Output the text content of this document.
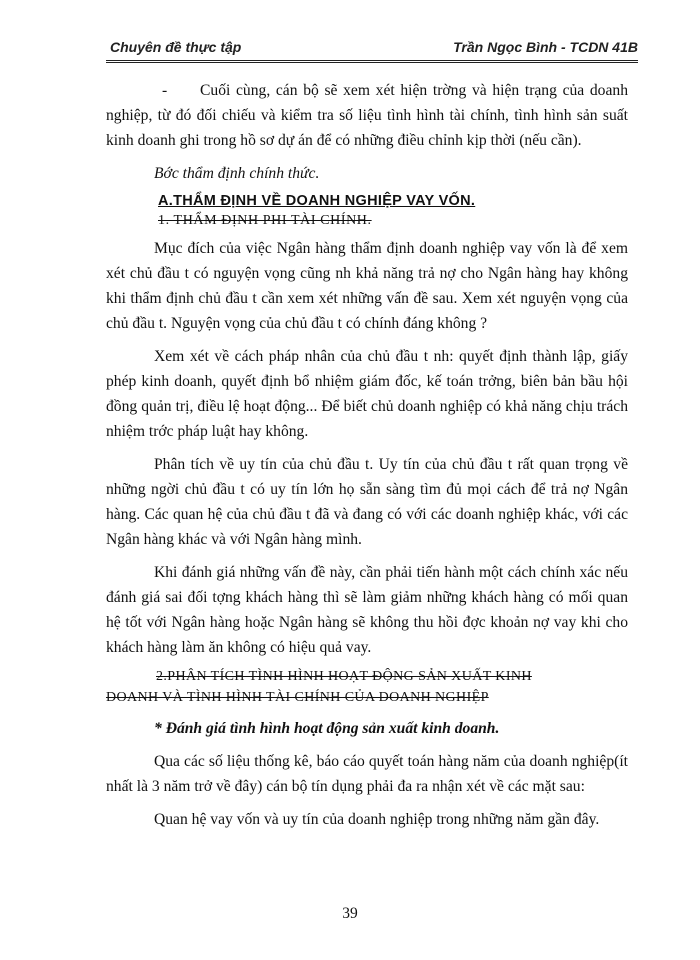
Chuyên đề thực tập	Trần Ngọc Bình - TCDN 41B

- Cuối cùng, cán bộ sẽ xem xét hiện trờng và hiện trạng của doanh nghiệp, từ đó đối chiếu và kiểm tra số liệu tình hình tài chính, tình hình sản suất kinh doanh ghi trong hồ sơ dự án để có những điều chỉnh kịp thời (nếu cần).

Bớc thẩm định chính thức.

A.THẨM ĐỊNH VỀ DOANH NGHIỆP VAY VỐN.

1. THẨM ĐỊNH PHI TÀI CHÍNH.

Mục đích của việc Ngân hàng thẩm định doanh nghiệp vay vốn là để xem xét chủ đầu t có nguyện vọng cũng nh khả năng trả nợ cho Ngân hàng hay không khi thẩm định chủ đầu t cần xem xét những vấn đề sau. Xem xét nguyện vọng của chủ đầu t. Nguyện vọng của chủ đầu t có chính đáng không ?

Xem xét về cách pháp nhân của chủ đầu t nh: quyết định thành lập, giấy phép kinh doanh, quyết định bổ nhiệm giám đốc, kế toán trởng, biên bản bầu hội đồng quản trị, điều lệ hoạt động... Để biết chủ doanh nghiệp có khả năng chịu trách nhiệm trớc pháp luật hay không.

Phân tích về uy tín của chủ đầu t. Uy tín của chủ đầu t rất quan trọng về những ngời chủ đầu t có uy tín lớn họ sẵn sàng tìm đủ mọi cách để trả nợ Ngân hàng. Các quan hệ của chủ đầu t đã và đang có với các doanh nghiệp khác, với các Ngân hàng khác và với Ngân hàng mình.

Khi đánh giá những vấn đề này, cần phải tiến hành một cách chính xác nếu đánh giá sai đối tợng khách hàng thì sẽ làm giảm những khách hàng có mối quan hệ tốt với Ngân hàng hoặc Ngân hàng sẽ không thu hồi đợc khoản nợ vay khi cho khách hàng làm ăn không có hiệu quả vay.

2.PHÂN TÍCH TÌNH HÌNH HOẠT ĐỘNG SẢN XUẤT KINH
DOANH VÀ TÌNH HÌNH TÀI CHÍNH CỦA DOANH NGHIỆP

* Đánh giá tình hình hoạt động sản xuất kinh doanh.

Qua các số liệu thống kê, báo cáo quyết toán hàng năm của doanh nghiệp(ít nhất là 3 năm trở về đây) cán bộ tín dụng phải đa ra nhận xét về các mặt sau:

Quan hệ vay vốn và uy tín của doanh nghiệp trong những năm gần đây.

39
